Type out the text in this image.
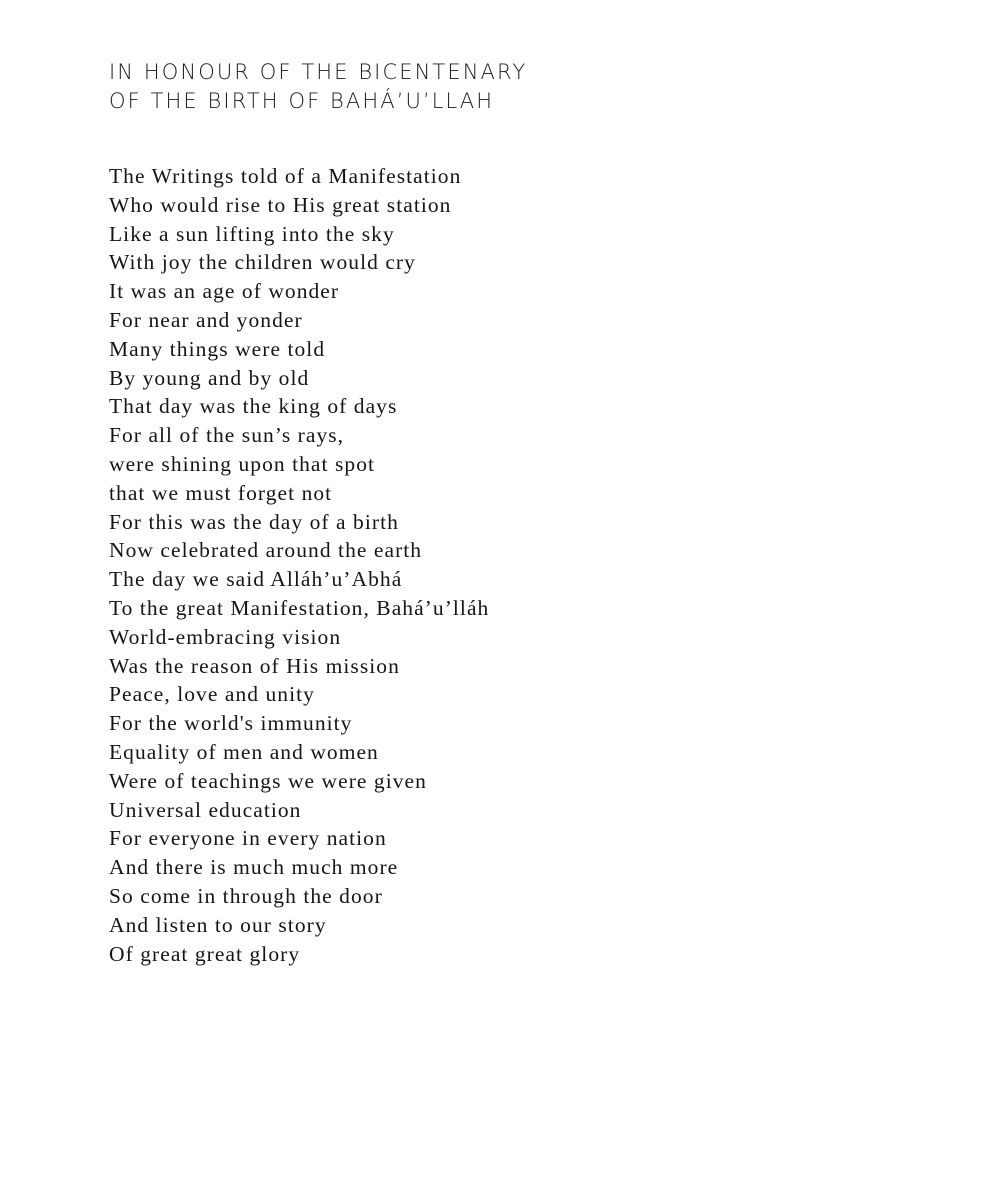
IN HONOUR OF THE BICENTENARY
OF THE BIRTH OF BAHÁ’U’LLAH
The Writings told of a Manifestation
Who would rise to His great station
Like a sun lifting into the sky
With joy the children would cry
It was an age of wonder
For near and yonder
Many things were told
By young and by old
That day was the king of days
For all of the sun’s rays,
were shining upon that spot
that we must forget not
For this was the day of a birth
Now celebrated around the earth
The day we said Alláh’u’Abhá
To the great Manifestation, Bahá’u’lláh
World-embracing vision
Was the reason of His mission
Peace, love and unity
For the world's immunity
Equality of men and women
Were of teachings we were given
Universal education
For everyone in every nation
And there is much much more
So come in through the door
And listen to our story
Of great great glory
